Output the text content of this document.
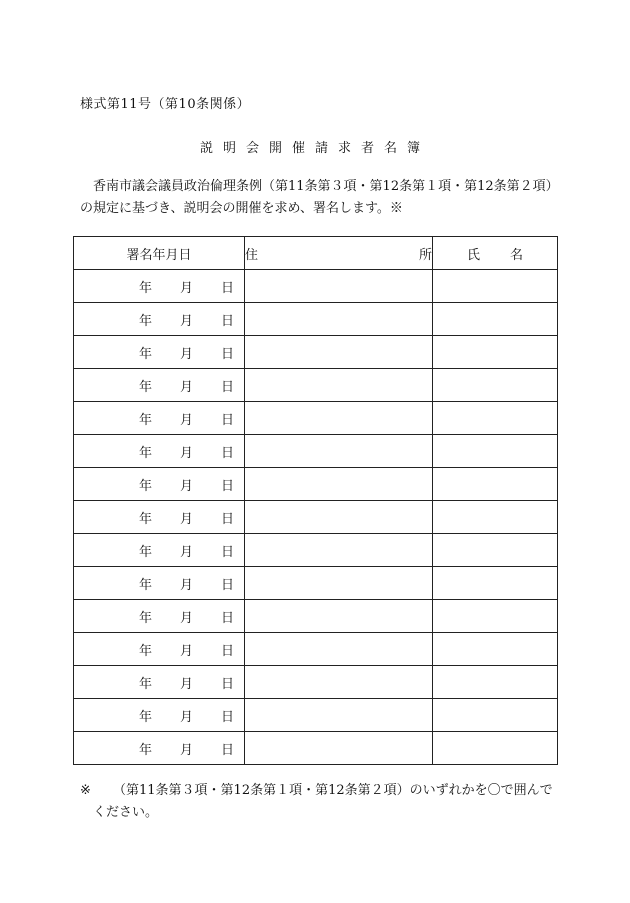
様式第11号（第10条関係）
説明会開催請求者名簿
香南市議会議員政治倫理条例（第11条第３項・第12条第１項・第12条第２項）の規定に基づき、説明会の開催を求め、署名します。※
署名年月日	住 所	氏 名

年 月 日		
年 月 日		
年 月 日		
年 月 日		
年 月 日		
年 月 日		
年 月 日		
年 月 日		
年 月 日		
年 月 日		
年 月 日		
年 月 日		
年 月 日		
年 月 日		
年 月 日		
※	（第11条第３項・第12条第１項・第12条第２項）のいずれかを〇で囲んでください。
